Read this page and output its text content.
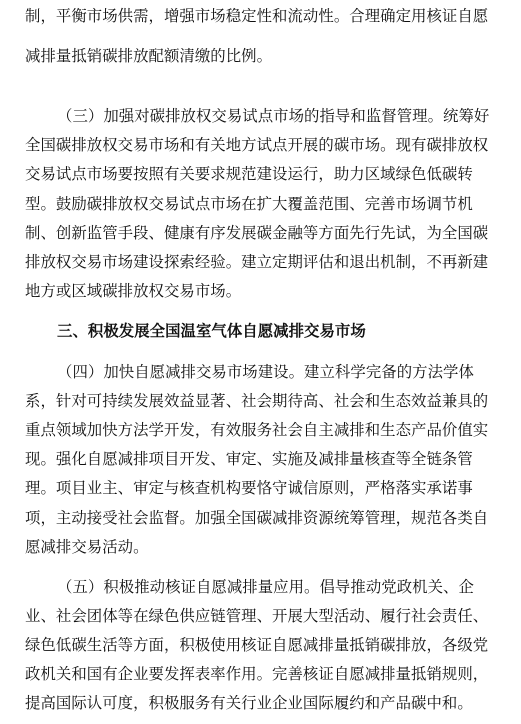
制，平衡市场供需，增强市场稳定性和流动性。合理确定用核证自愿
减排量抵销碳排放配额清缴的比例。
（三）加强对碳排放权交易试点市场的指导和监督管理。统筹好
全国碳排放权交易市场和有关地方试点开展的碳市场。现有碳排放权
交易试点市场要按照有关要求规范建设运行，助力区域绿色低碳转
型。鼓励碳排放权交易试点市场在扩大覆盖范围、完善市场调节机
制、创新监管手段、健康有序发展碳金融等方面先行先试，为全国碳
排放权交易市场建设探索经验。建立定期评估和退出机制，不再新建
地方或区域碳排放权交易市场。
三、积极发展全国温室气体自愿减排交易市场
（四）加快自愿减排交易市场建设。建立科学完备的方法学体
系，针对可持续发展效益显著、社会期待高、社会和生态效益兼具的
重点领域加快方法学开发，有效服务社会自主减排和生态产品价值实
现。强化自愿减排项目开发、审定、实施及减排量核查等全链条管
理。项目业主、审定与核查机构要恪守诚信原则，严格落实承诺事
项，主动接受社会监督。加强全国碳减排资源统筹管理，规范各类自
愿减排交易活动。
（五）积极推动核证自愿减排量应用。倡导推动党政机关、企
业、社会团体等在绿色供应链管理、开展大型活动、履行社会责任、
绿色低碳生活等方面，积极使用核证自愿减排量抵销碳排放，各级党
政机关和国有企业要发挥表率作用。完善核证自愿减排量抵销规则，
提高国际认可度，积极服务有关行业企业国际履约和产品碳中和。
